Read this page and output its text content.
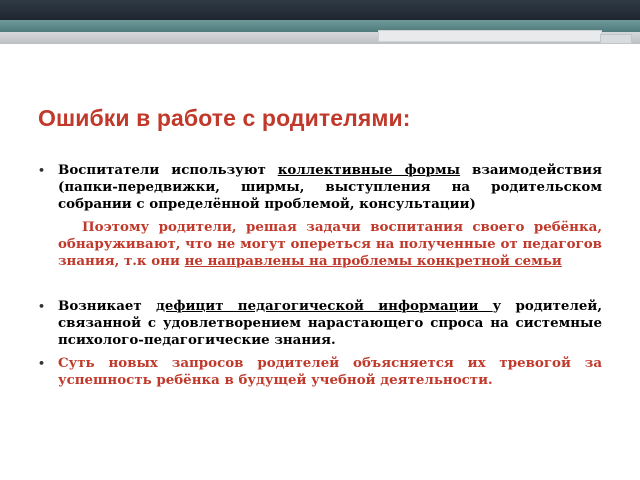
Ошибки в работе с родителями:
• Воспитатели используют коллективные формы взаимодействия (папки-передвижки, ширмы, выступления на родительском собрании с определённой проблемой, консультации)
Поэтому родители, решая задачи воспитания своего ребёнка, обнаруживают, что не могут опереться на полученные от педагогов знания, т.к они не направлены на проблемы конкретной семьи
• Возникает дефицит педагогической информации у родителей, связанной с удовлетворением нарастающего спроса на системные психолого-педагогические знания.
• Суть новых запросов родителей объясняется их тревогой за успешность ребёнка в будущей учебной деятельности.
